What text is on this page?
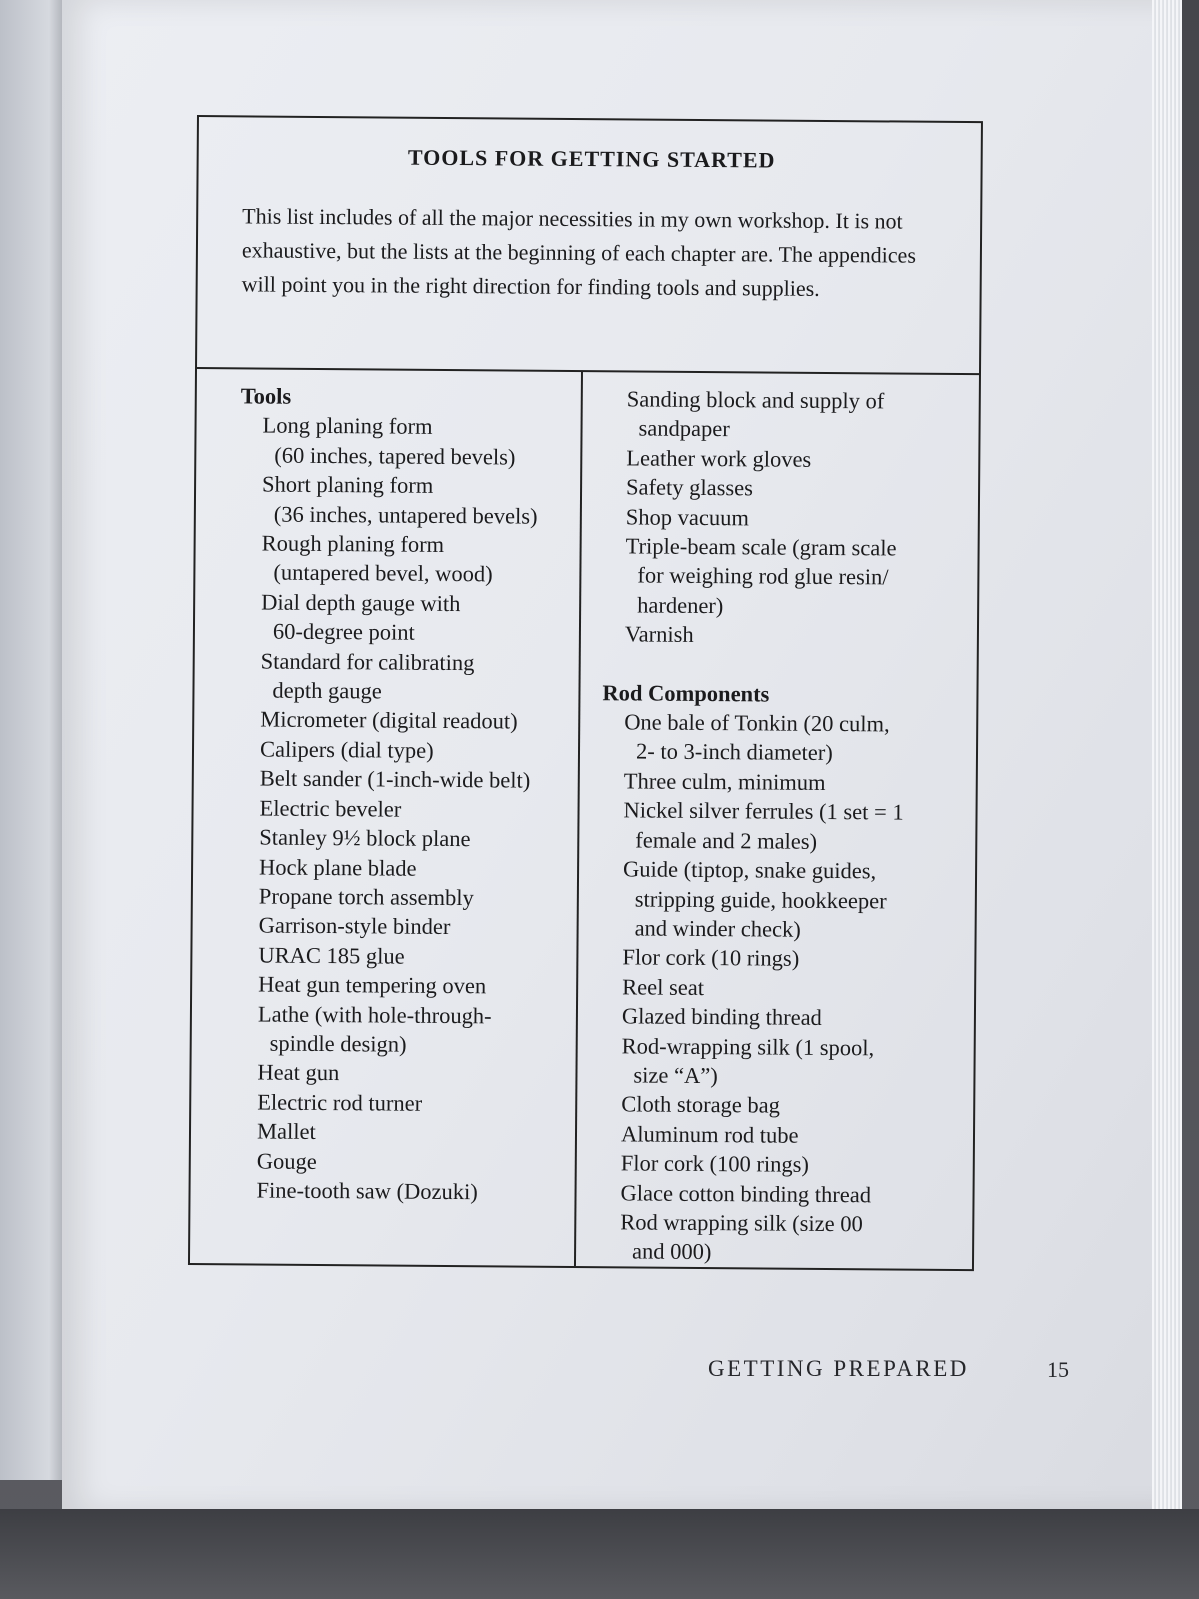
TOOLS FOR GETTING STARTED

This list includes of all the major necessities in my own workshop. It is not exhaustive, but the lists at the beginning of each chapter are. The appendices will point you in the right direction for finding tools and supplies.

Tools
Long planing form
(60 inches, tapered bevels)
Short planing form
(36 inches, untapered bevels)
Rough planing form
(untapered bevel, wood)
Dial depth gauge with
60-degree point
Standard for calibrating
depth gauge
Micrometer (digital readout)
Calipers (dial type)
Belt sander (1-inch-wide belt)
Electric beveler
Stanley 9½ block plane
Hock plane blade
Propane torch assembly
Garrison-style binder
URAC 185 glue
Heat gun tempering oven
Lathe (with hole-through-
spindle design)
Heat gun
Electric rod turner
Mallet
Gouge
Fine-tooth saw (Dozuki)
Sanding block and supply of
sandpaper
Leather work gloves
Safety glasses
Shop vacuum
Triple-beam scale (gram scale
for weighing rod glue resin/
hardener)
Varnish
Rod Components
One bale of Tonkin (20 culm,
2- to 3-inch diameter)
Three culm, minimum
Nickel silver ferrules (1 set = 1
female and 2 males)
Guide (tiptop, snake guides,
stripping guide, hookkeeper
and winder check)
Flor cork (10 rings)
Reel seat
Glazed binding thread
Rod-wrapping silk (1 spool,
size “A”)
Cloth storage bag
Aluminum rod tube
Flor cork (100 rings)
Glace cotton binding thread
Rod wrapping silk (size 00
and 000)
GETTING PREPARED	15
